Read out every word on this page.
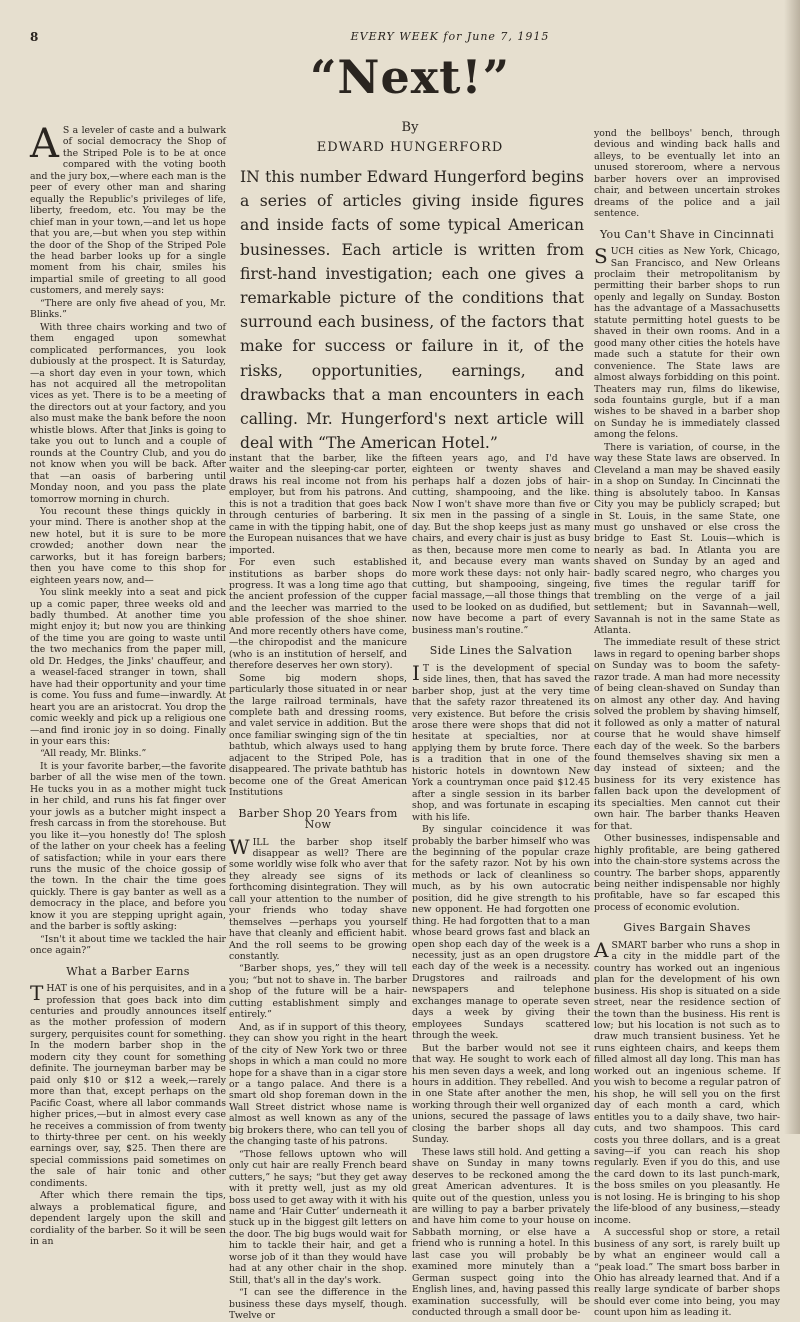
8	EVERY WEEK for June 7, 1915
“Next!”
By
EDWARD HUNGERFORD
IN this number Edward Hungerford begins a series of articles giving inside figures and inside facts of some typical American businesses. Each article is written from first-hand investigation; each one gives a remarkable picture of the conditions that surround each business, of the factors that make for success or failure in it, of the risks, opportunities, earnings, and drawbacks that a man encounters in each calling. Mr. Hungerford's next article will deal with “The American Hotel.”
A S a leveler of caste and a bulwark of social democracy the Shop of the Striped Pole is to be at once compared with the voting booth and the jury box,—where each man is the peer of every other man and sharing equally the Republic's privileges of life, liberty, freedom, etc. You may be the chief man in your town,—and let us hope that you are,—but when you step within the door of the Shop of the Striped Pole the head barber looks up for a single moment from his chair, smiles his impartial smile of greeting to all good customers, and merely says:

“There are only five ahead of you, Mr. Blinks.”

With three chairs working and two of them engaged upon somewhat complicated performances, you look dubiously at the prospect. It is Saturday,—a short day even in your town, which has not acquired all the metropolitan vices as yet. There is to be a meeting of the directors out at your factory, and you also must make the bank before the noon whistle blows. After that Jinks is going to take you out to lunch and a couple of rounds at the Country Club, and you do not know when you will be back. After that —an oasis of barbering until Monday noon, and you pass the plate tomorrow morning in church.

You recount these things quickly in your mind. There is another shop at the new hotel, but it is sure to be more crowded; another down near the carworks, but it has foreign barbers; then you have come to this shop for eighteen years now, and—

You slink meekly into a seat and pick up a comic paper, three weeks old and badly thumbed. At another time you might enjoy it; but now you are thinking of the time you are going to waste until the two mechanics from the paper mill, old Dr. Hedges, the Jinks' chauffeur, and a weasel-faced stranger in town, shall have had their opportunity and your time is come. You fuss and fume—inwardly. At heart you are an aristocrat. You drop the comic weekly and pick up a religious one—and find ironic joy in so doing. Finally in your ears this:

“All ready, Mr. Blinks.”

It is your favorite barber,—the favorite barber of all the wise men of the town. He tucks you in as a mother might tuck in her child, and runs his fat finger over your jowls as a butcher might inspect a fresh carcass in from the storehouse. But you like it—you honestly do! The splosh of the lather on your cheek has a feeling of satisfaction; while in your ears there runs the music of the choice gossip of the town. In the chair the time goes quickly. There is gay banter as well as a democracy in the place, and before you know it you are stepping upright again, and the barber is softly asking:

“Isn't it about time we tackled the hair once again?”

What a Barber Earns
T HAT is one of his perquisites, and in a profession that goes back into dim centuries and proudly announces itself as the mother profession of modern surgery, perquisites count for something. In the modern barber shop in the modern city they count for something definite. The journeyman barber may be paid only $10 or $12 a week,—rarely more than that, except perhaps on the Pacific Coast, where all labor commands higher prices,—but in almost every case he receives a commission of from twenty to thirty-three per cent. on his weekly earnings over, say, $25. Then there are special commissions paid sometimes on the sale of hair tonic and other condiments.

After which there remain the tips, always a problematical figure, and dependent largely upon the skill and cordiality of the barber. So it will be seen in an

instant that the barber, like the waiter and the sleeping-car porter, draws his real income not from his employer, but from his patrons. And this is not a tradition that goes back through centuries of barbering. It came in with the tipping habit, one of the European nuisances that we have imported.

For even such established institutions as barber shops do progress. It was a long time ago that the ancient profession of the cupper and the leecher was married to the able profession of the shoe shiner. And more recently others have come,—the chiropodist and the manicure (who is an institution of herself, and therefore deserves her own story).

Some big modern shops, particularly those situated in or near the large railroad terminals, have complete bath and dressing rooms, and valet service in addition. But the once familiar swinging sign of the tin bathtub, which always used to hang adjacent to the Striped Pole, has disappeared. The private bathtub has become one of the Great American Institutions

Barber Shop 20 Years from Now
W ILL the barber shop itself disappear as well? There are some worldly wise folk who aver that they already see signs of its forthcoming disintegration. They will call your attention to the number of your friends who today shave themselves —perhaps you yourself have that cleanly and efficient habit. And the roll seems to be growing constantly.

“Barber shops, yes,” they will tell you; “but not to shave in. The barber shop of the future will be a hair-cutting establishment simply and entirely.”

And, as if in support of this theory, they can show you right in the heart of the city of New York two or three shops in which a man could no more hope for a shave than in a cigar store or a tango palace. And there is a smart old shop foreman down in the Wall Street district whose name is almost as well known as any of the big brokers there, who can tell you of the changing taste of his patrons.

“Those fellows uptown who will only cut hair are really French beard cutters,” he says; “but they get away with it pretty well, just as my old boss used to get away with it with his name and ‘Hair Cutter’ underneath it stuck up in the biggest gilt letters on the door. The big bugs would wait for him to tackle their hair, and get a worse job of it than they would have had at any other chair in the shop. Still, that's all in the day's work.

“I can see the difference in the business these days myself, though. Twelve or

fifteen years ago, and I'd have eighteen or twenty shaves and perhaps half a dozen jobs of hair-cutting, shampooing, and the like. Now I won't shave more than five or six men in the passing of a single day. But the shop keeps just as many chairs, and every chair is just as busy as then, because more men come to it, and because every man wants more work these days: not only hair-cutting, but shampooing, singeing, facial massage,—all those things that used to be looked on as dudified, but now have become a part of every business man's routine.”

Side Lines the Salvation
I T is the development of special side lines, then, that has saved the barber shop, just at the very time that the safety razor threatened its very existence. But before the crisis arose there were shops that did not hesitate at specialties, nor at applying them by brute force. There is a tradition that in one of the historic hotels in downtown New York a countryman once paid $12.45 after a single session in its barber shop, and was fortunate in escaping with his life.

By singular coincidence it was probably the barber himself who was the beginning of the popular craze for the safety razor. Not by his own methods or lack of cleanliness so much, as by his own autocratic position, did he give strength to his new opponent. He had forgotten one thing. He had forgotten that to a man whose beard grows fast and black an open shop each day of the week is a necessity, just as an open drugstore each day of the week is a necessity. Drugstores and railroads and newspapers and telephone exchanges manage to operate seven days a week by giving their employees Sundays scattered through the week.

But the barber would not see it that way. He sought to work each of his men seven days a week, and long hours in addition. They rebelled. And in one State after another the men, working through their well organized unions, secured the passage of laws closing the barber shops all day Sunday.

These laws still hold. And getting a shave on Sunday in many towns deserves to be reckoned among the great American adventures. It is quite out of the question, unless you are willing to pay a barber privately and have him come to your house on Sabbath morning, or else have a friend who is running a hotel. In this last case you will probably be examined more minutely than a German suspect going into the English lines, and, having passed this examination successfully, will be conducted through a small door be-

yond the bellboys' bench, through devious and winding back halls and alleys, to be eventually let into an unused storeroom, where a nervous barber hovers over an improvised chair, and between uncertain strokes dreams of the police and a jail sentence.

You Can't Shave in Cincinnati
S UCH cities as New York, Chicago, San Francisco, and New Orleans proclaim their metropolitanism by permitting their barber shops to run openly and legally on Sunday. Boston has the advantage of a Massachusetts statute permitting hotel guests to be shaved in their own rooms. And in a good many other cities the hotels have made such a statute for their own convenience. The State laws are almost always forbidding on this point. Theaters may run, films do likewise, soda fountains gurgle, but if a man wishes to be shaved in a barber shop on Sunday he is immediately classed among the felons.

There is variation, of course, in the way these State laws are observed. In Cleveland a man may be shaved easily in a shop on Sunday. In Cincinnati the thing is absolutely taboo. In Kansas City you may be publicly scraped; but in St. Louis, in the same State, one must go unshaved or else cross the bridge to East St. Louis—which is nearly as bad. In Atlanta you are shaved on Sunday by an aged and badly scared negro, who charges you five times the regular tariff for trembling on the verge of a jail settlement; but in Savannah—well, Savannah is not in the same State as Atlanta.

The immediate result of these strict laws in regard to opening barber shops on Sunday was to boom the safety-razor trade. A man had more necessity of being clean-shaved on Sunday than on almost any other day. And having solved the problem by shaving himself, it followed as only a matter of natural course that he would shave himself each day of the week. So the barbers found themselves shaving six men a day instead of sixteen; and the business for its very existence has fallen back upon the development of its specialties. Men cannot cut their own hair. The barber thanks Heaven for that.

Other businesses, indispensable and highly profitable, are being gathered into the chain-store systems across the country. The barber shops, apparently being neither indispensable nor highly profitable, have so far escaped this process of economic evolution.

Gives Bargain Shaves
A SMART barber who runs a shop in a city in the middle part of the country has worked out an ingenious plan for the development of his own business. His shop is situated on a side street, near the residence section of the town than the business. His rent is low; but his location is not such as to draw much transient business. Yet he runs eighteen chairs, and keeps them filled almost all day long. This man has worked out an ingenious scheme. If you wish to become a regular patron of his shop, he will sell you on the first day of each month a card, which entitles you to a daily shave, two hair-cuts, and two shampoos. This card costs you three dollars, and is a great saving—if you can reach his shop regularly. Even if you do this, and use the card down to its last punch-mark, the boss smiles on you pleasantly. He is not losing. He is bringing to his shop the life-blood of any business,—steady income.

A successful shop or store, a retail business of any sort, is rarely built up by what an engineer would call a “peak load.” The smart boss barber in Ohio has already learned that. And if a really large syndicate of barber shops should ever come into being, you may count upon him as leading it.
